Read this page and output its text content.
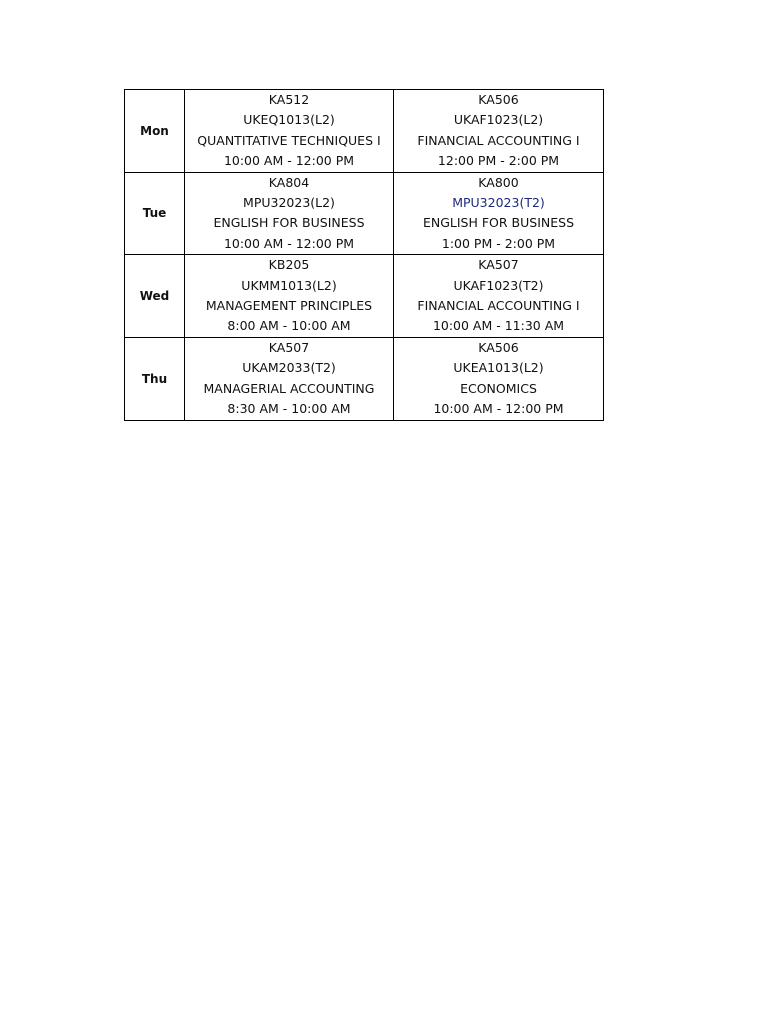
Mon	KA512
UKEQ1013(L2)
QUANTITATIVE TECHNIQUES I
10:00 AM - 12:00 PM	KA506
UKAF1023(L2)
FINANCIAL ACCOUNTING I
12:00 PM - 2:00 PM

Tue	KA804
MPU32023(L2)
ENGLISH FOR BUSINESS
10:00 AM - 12:00 PM	KA800
MPU32023(T2)
ENGLISH FOR BUSINESS
1:00 PM - 2:00 PM

Wed	KB205
UKMM1013(L2)
MANAGEMENT PRINCIPLES
8:00 AM - 10:00 AM	KA507
UKAF1023(T2)
FINANCIAL ACCOUNTING I
10:00 AM - 11:30 AM

Thu	KA507
UKAM2033(T2)
MANAGERIAL ACCOUNTING
8:30 AM - 10:00 AM	KA506
UKEA1013(L2)
ECONOMICS
10:00 AM - 12:00 PM
